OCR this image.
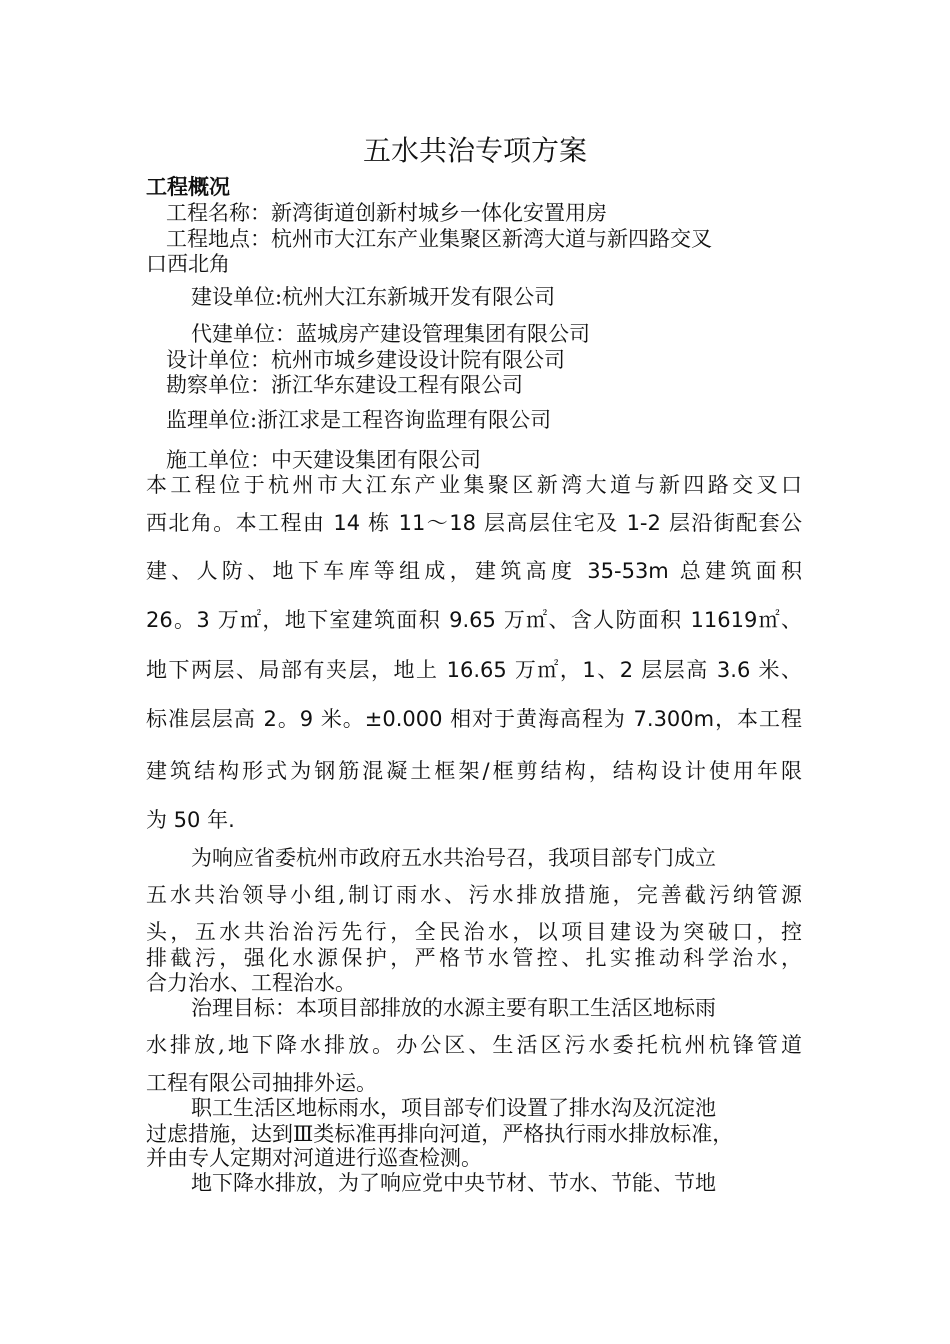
五水共治专项方案
工程概况
工程名称：新湾街道创新村城乡一体化安置用房
工程地点：杭州市大江东产业集聚区新湾大道与新四路交叉
口西北角
建设单位:杭州大江东新城开发有限公司
代建单位：蓝城房产建设管理集团有限公司
设计单位：杭州市城乡建设设计院有限公司
勘察单位：浙江华东建设工程有限公司
监理单位:浙江求是工程咨询监理有限公司
施工单位：中天建设集团有限公司
本工程位于杭州市大江东产业集聚区新湾大道与新四路交叉口
西北角。本工程由 14 栋 11～18 层高层住宅及 1-2 层沿街配套公
建、人防、地下车库等组成，建筑高度 35-53m 总建筑面积
26。3 万㎡，地下室建筑面积 9.65 万㎡、含人防面积 11619㎡、
地下两层、局部有夹层，地上 16.65 万㎡，1、2 层层高 3.6 米、
标准层层高 2。9 米。±0.000 相对于黄海高程为 7.300m，本工程
建筑结构形式为钢筋混凝土框架/框剪结构，结构设计使用年限
为 50 年.
为响应省委杭州市政府五水共治号召，我项目部专门成立
五水共治领导小组,制订雨水、污水排放措施，完善截污纳管源
头，五水共治治污先行，全民治水，以项目建设为突破口，控
排截污，强化水源保护，严格节水管控、扎实推动科学治水，
合力治水、工程治水。
治理目标：本项目部排放的水源主要有职工生活区地标雨
水排放,地下降水排放。办公区、生活区污水委托杭州杭锋管道
工程有限公司抽排外运。
职工生活区地标雨水，项目部专们设置了排水沟及沉淀池
过虑措施，达到Ⅲ类标准再排向河道，严格执行雨水排放标准，
并由专人定期对河道进行巡查检测。
地下降水排放，为了响应党中央节材、节水、节能、节地
